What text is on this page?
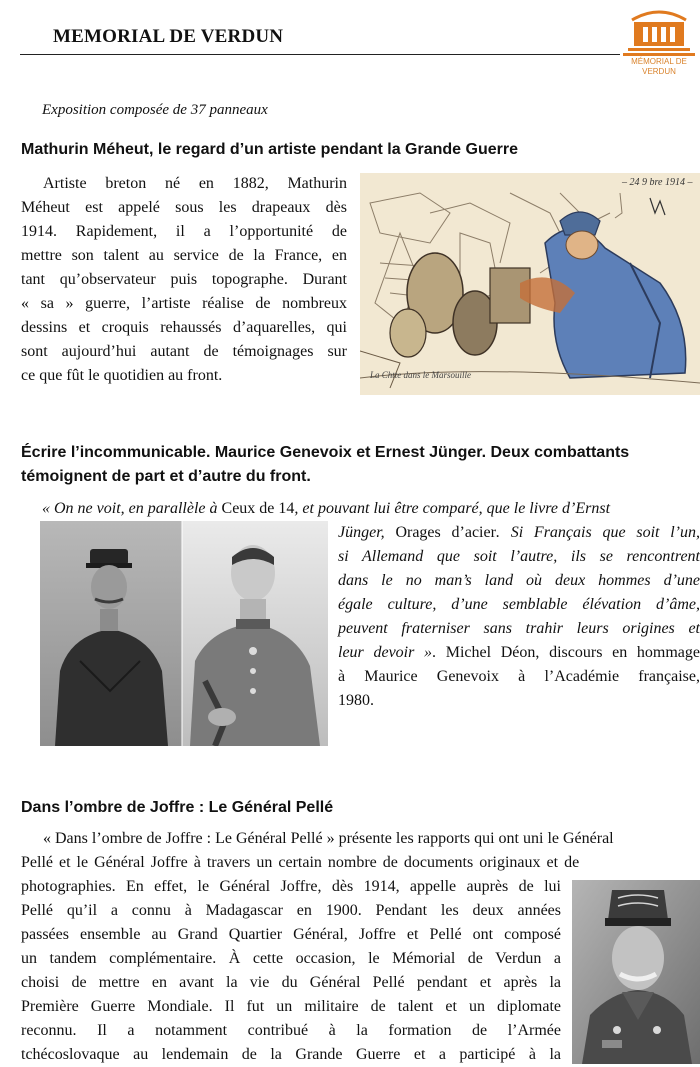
MEMORIAL DE VERDUN
MÉMORIAL DE
VERDUN
Exposition composée de 37 panneaux
Mathurin Méheut, le regard d’un artiste pendant la Grande Guerre
Artiste breton né en 1882, Mathurin
Méheut est appelé sous les drapeaux dès
1914. Rapidement, il a l’opportunité de
mettre son talent au service de la France, en
tant qu’observateur puis topographe. Durant
« sa » guerre, l’artiste réalise de nombreux
dessins et croquis rehaussés d’aquarelles, qui
sont aujourd’hui autant de témoignages sur
ce que fût le quotidien au front.
– 24 9 bre 1914 –
La Chtte dans le Marsouille
Écrire l’incommunicable. Maurice Genevoix et Ernest Jünger. Deux combattants
témoignent de part et d’autre du front.
« On ne voit, en parallèle à Ceux de 14, et pouvant lui être comparé, que le livre d’Ernst
Jünger, Orages d’acier. Si Français que soit l’un,
si Allemand que soit l’autre, ils se rencontrent
dans le no man’s land où deux hommes d’une
égale culture, d’une semblable élévation d’âme,
peuvent fraterniser sans trahir leurs origines et
leur devoir ». Michel Déon, discours en hommage
à Maurice Genevoix à l’Académie française,
1980.
Dans l’ombre de Joffre : Le Général Pellé
« Dans l’ombre de Joffre : Le Général Pellé » présente les rapports qui ont uni le Général
Pellé et le Général Joffre à travers un certain nombre de documents originaux et de
photographies. En effet, le Général Joffre, dès 1914, appelle auprès de lui
Pellé qu’il a connu à Madagascar en 1900. Pendant les deux années
passées ensemble au Grand Quartier Général, Joffre et Pellé ont composé
un tandem complémentaire. À cette occasion, le Mémorial de Verdun a
choisi de mettre en avant la vie du Général Pellé pendant et après la
Première Guerre Mondiale. Il fut un militaire de talent et un diplomate
reconnu. Il a notamment contribué à la formation de l’Armée
tchécoslovaque au lendemain de la Grande Guerre et a participé à la
